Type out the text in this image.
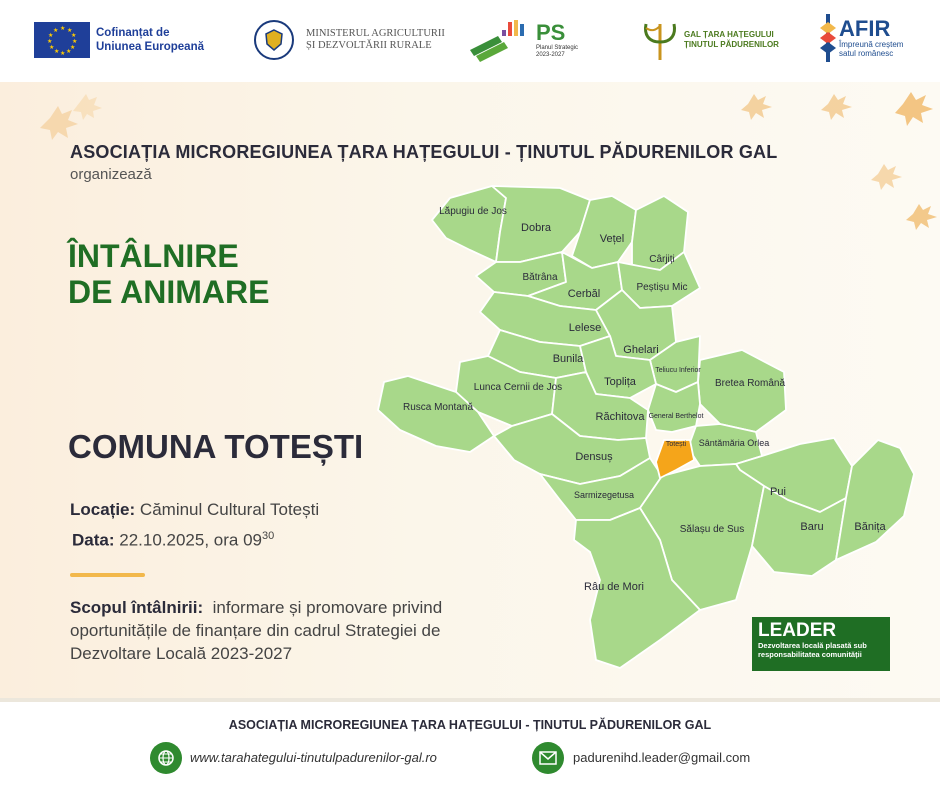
★ ★
★
★
★
★
★
★
★
★
★
★	Cofinanțat de
Uniunea Europeană
MINISTERUL AGRICULTURII
ȘI DEZVOLTĂRII RURALE
PS
Planul Strategic
2023-2027
GAL ȚARA HAȚEGULUI
ȚINUTUL PĂDURENILOR
AFIR
Împreună creștem
satul românesc
ASOCIAȚIA MICROREGIUNEA ȚARA HAȚEGULUI - ȚINUTUL PĂDURENILOR GAL
organizează
ÎNTÂLNIRE
DE ANIMARE
COMUNA TOTEȘTI
Locație: Căminul Cultural Totești
Data: 22.10.2025, ora $09^{30}$
Scopul întâlnirii: informare și promovare privind oportunitățile de finanțare din cadrul Strategiei de Dezvoltare Locală 2023-2027
Lăpugiu de Jos
Dobra
Vețel
Cârjiți
Bătrâna
Cerbăl
Peștișu Mic
Lelese
Ghelari
Bunila
Teliucu Inferior
Lunca Cernii de Jos	Toplița	Bretea Română
Rusca Montană
Răchitova General Berthelot
Totești Sântămăria Orlea
Densuș
Sarmizegetusa	Pui
Sălașu de Sus	Baru	Bănița
Râu de Mori
LEADER
Dezvoltarea locală plasată sub responsabilitatea comunității
ASOCIAȚIA MICROREGIUNEA ȚARA HAȚEGULUI - ȚINUTUL PĂDURENILOR GAL
www.tarahategului-tinutulpadurenilor-gal.ro	padurenihd.leader@gmail.com
